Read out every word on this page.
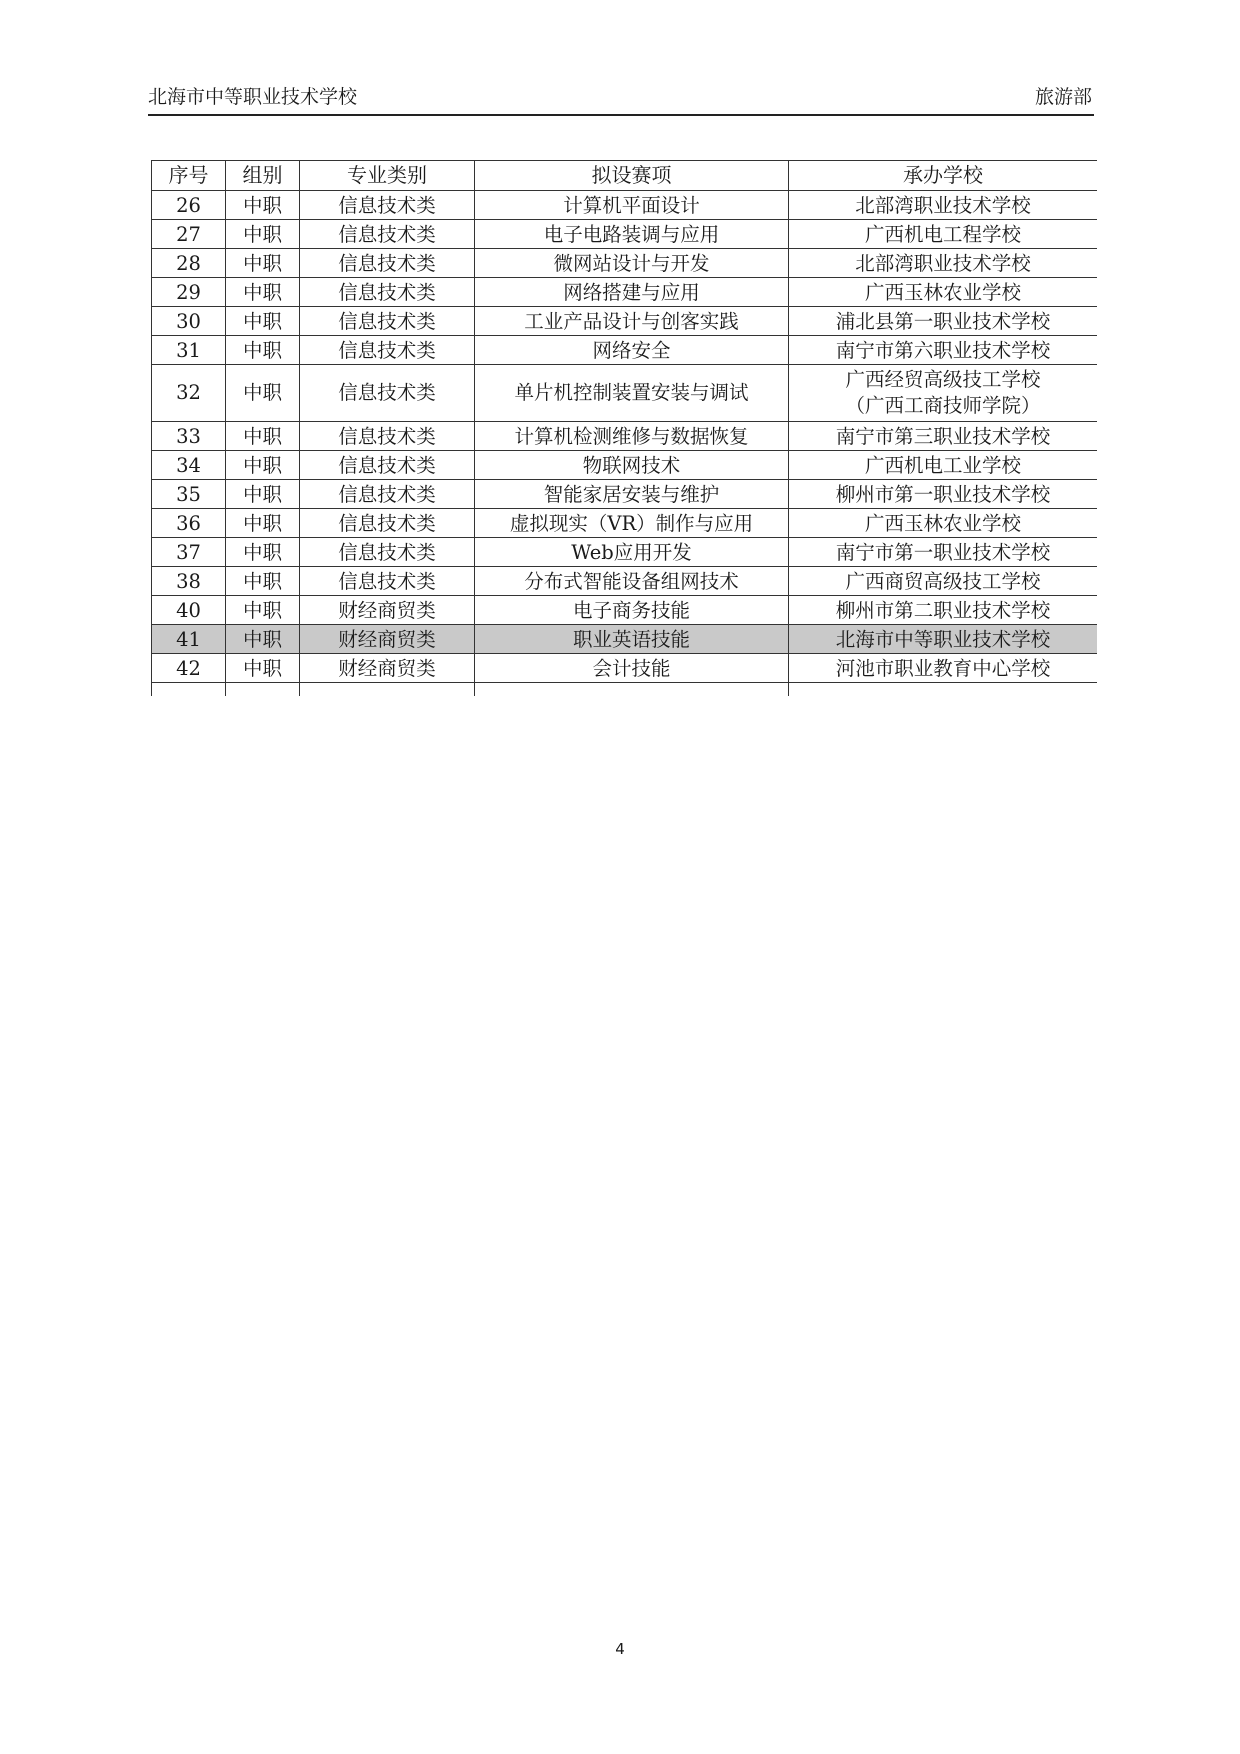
北海市中等职业技术学校	旅游部
序号	组别	专业类别	拟设赛项	承办学校
26	中职	信息技术类	计算机平面设计	北部湾职业技术学校

27	中职	信息技术类	电子电路装调与应用	广西机电工程学校

28	中职	信息技术类	微网站设计与开发	北部湾职业技术学校

29	中职	信息技术类	网络搭建与应用	广西玉林农业学校

30	中职	信息技术类	工业产品设计与创客实践	浦北县第一职业技术学校

31	中职	信息技术类	网络安全	南宁市第六职业技术学校

32	中职	信息技术类	单片机控制装置安装与调试	广西经贸高级技工学校
（广西工商技师学院）

33	中职	信息技术类	计算机检测维修与数据恢复	南宁市第三职业技术学校

34	中职	信息技术类	物联网技术	广西机电工业学校

35	中职	信息技术类	智能家居安装与维护	柳州市第一职业技术学校

36	中职	信息技术类	虚拟现实（VR）制作与应用	广西玉林农业学校

37	中职	信息技术类	Web应用开发	南宁市第一职业技术学校

38	中职	信息技术类	分布式智能设备组网技术	广西商贸高级技工学校

40	中职	财经商贸类	电子商务技能	柳州市第二职业技术学校

41	中职	财经商贸类	职业英语技能	北海市中等职业技术学校

42	中职	财经商贸类	会计技能	河池市职业教育中心学校

4
